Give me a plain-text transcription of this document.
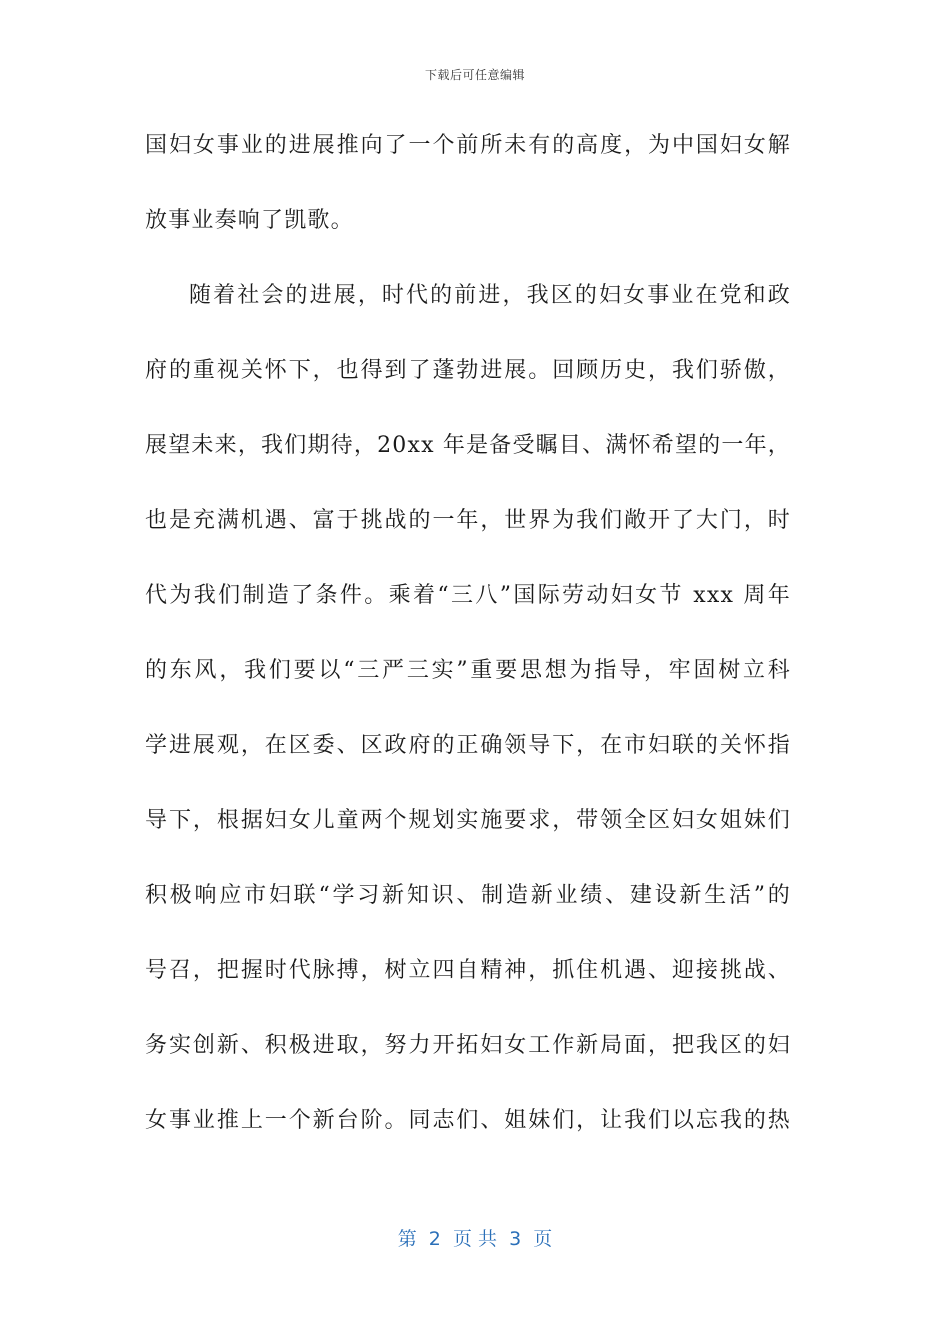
下载后可任意编辑
国妇女事业的进展推向了一个前所未有的高度，为中国妇女解
放事业奏响了凯歌。
随着社会的进展，时代的前进，我区的妇女事业在党和政
府的重视关怀下，也得到了蓬勃进展。回顾历史，我们骄傲，
展望未来，我们期待，20xx 年是备受瞩目、满怀希望的一年，
也是充满机遇、富于挑战的一年，世界为我们敞开了大门，时
代为我们制造了条件。乘着“三八”国际劳动妇女节 xxx 周年
的东风，我们要以“三严三实”重要思想为指导，牢固树立科
学进展观，在区委、区政府的正确领导下，在市妇联的关怀指
导下，根据妇女儿童两个规划实施要求，带领全区妇女姐妹们
积极响应市妇联“学习新知识、制造新业绩、建设新生活”的
号召，把握时代脉搏，树立四自精神，抓住机遇、迎接挑战、
务实创新、积极进取，努力开拓妇女工作新局面，把我区的妇
女事业推上一个新台阶。同志们、姐妹们，让我们以忘我的热
第  2  页 共  3  页
